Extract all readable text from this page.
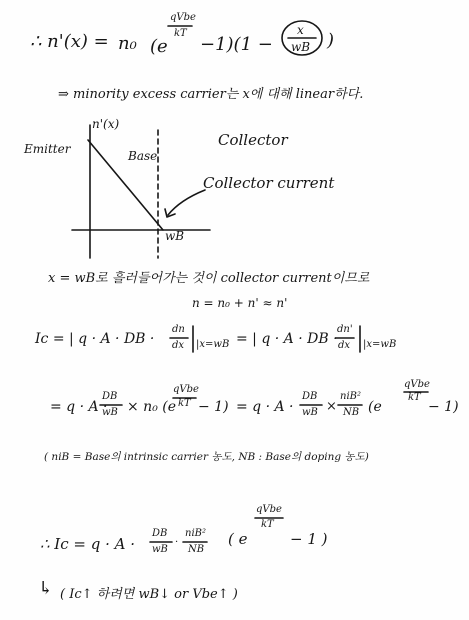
∴ n'(x) = n₀ (e
qVbe
kT
−1)(1 −
x
wB )
⇒ minority excess carrier는 x에 대해 linear하다.
n'(x)
Emitter	Base
Collector
Collector current
wB
x = wB로 흘러들어가는 것이 collector current이므로
n = n₀ + n' ≈ n'
Ic = | q · A · DB ·
dn
dx |x=wB = | q · A · DB ·
dn'
dx |x=wB
= q · A ·
DB
wB × n₀ (e
qVbe
kT − 1) = q · A ·
DB
wB ×
niB²
NB (e
qVbe
kT
− 1)
( niB = Base의 intrinsic carrier 농도, NB : Base의 doping 농도)
∴ Ic = q · A ·
DB
wB
·
niB²
NB
( e
qVbe
kT
− 1 )
↳ ( Ic↑ 하려면 wB↓ or Vbe↑ )
